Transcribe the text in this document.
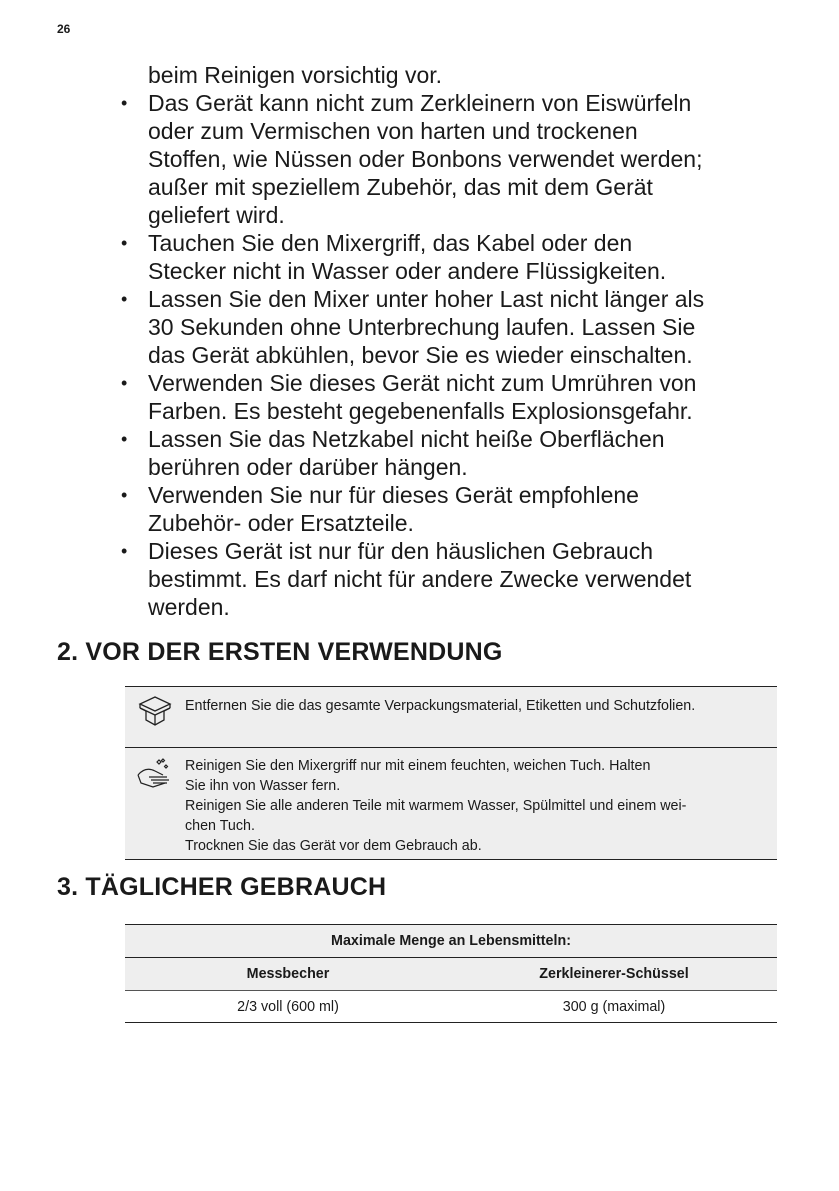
26

beim Reinigen vorsichtig vor.

• Das Gerät kann nicht zum Zerkleinern von Eiswürfeln
oder zum Vermischen von harten und trockenen
Stoffen, wie Nüssen oder Bonbons verwendet werden;
außer mit speziellem Zubehör, das mit dem Gerät
geliefert wird.
• Tauchen Sie den Mixergriff, das Kabel oder den
Stecker nicht in Wasser oder andere Flüssigkeiten.
• Lassen Sie den Mixer unter hoher Last nicht länger als
30 Sekunden ohne Unterbrechung laufen. Lassen Sie
das Gerät abkühlen, bevor Sie es wieder einschalten.
• Verwenden Sie dieses Gerät nicht zum Umrühren von
Farben. Es besteht gegebenenfalls Explosionsgefahr.
• Lassen Sie das Netzkabel nicht heiße Oberflächen
berühren oder darüber hängen.
• Verwenden Sie nur für dieses Gerät empfohlene
Zubehör- oder Ersatzteile.
• Dieses Gerät ist nur für den häuslichen Gebrauch
bestimmt. Es darf nicht für andere Zwecke verwendet
werden.
2. VOR DER ERSTEN VERWENDUNG

Entfernen Sie die das gesamte Verpackungsmaterial, Etiketten und Schutzfolien.

Reinigen Sie den Mixergriff nur mit einem feuchten, weichen Tuch. Halten

Sie ihn von Wasser fern.

Reinigen Sie alle anderen Teile mit warmem Wasser, Spülmittel und einem wei-

chen Tuch.

Trocknen Sie das Gerät vor dem Gebrauch ab.

3. TÄGLICHER GEBRAUCH
Maximale Menge an Lebensmitteln:	
Messbecher	Zerkleinerer-Schüssel
2/3 voll (600 ml)	300 g (maximal)
